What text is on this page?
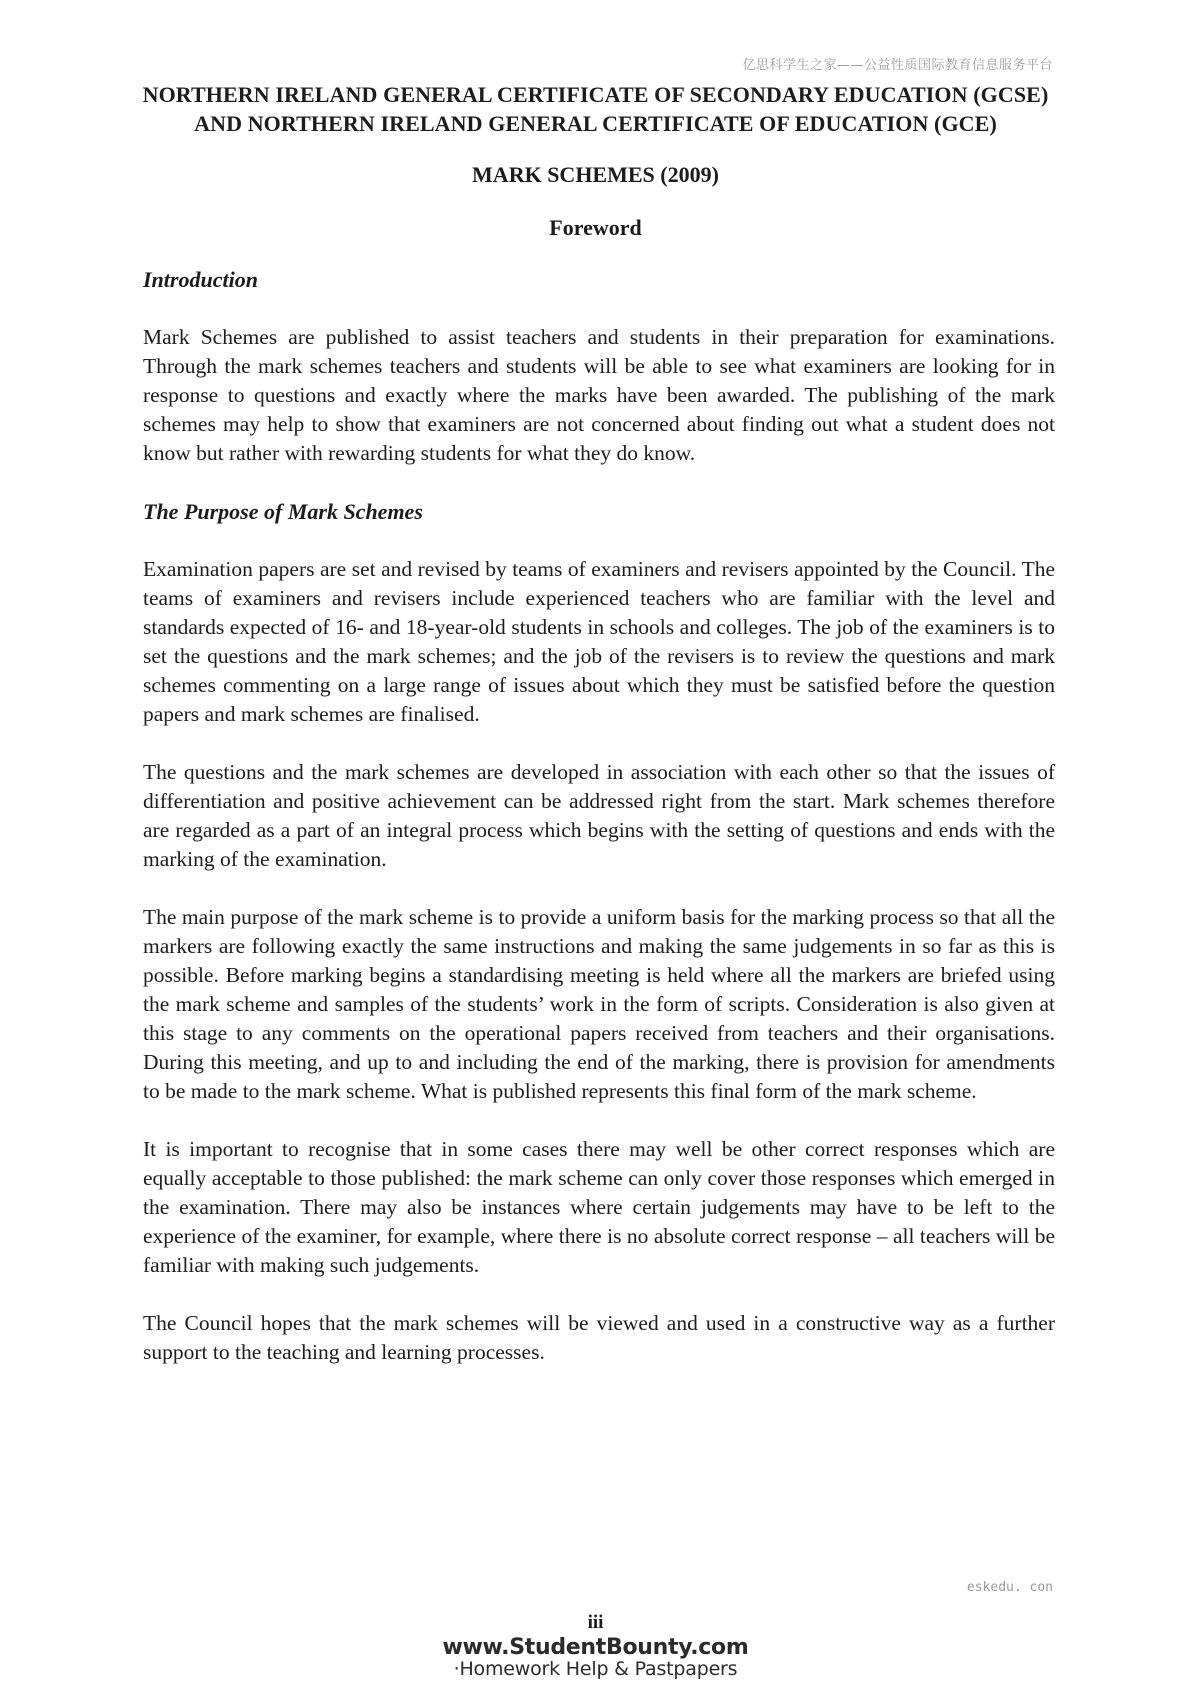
亿思科学生之家——公益性质国际教育信息服务平台

NORTHERN IRELAND GENERAL CERTIFICATE OF SECONDARY EDUCATION (GCSE)
AND NORTHERN IRELAND GENERAL CERTIFICATE OF EDUCATION (GCE)

MARK SCHEMES (2009)

Foreword

Introduction

Mark Schemes are published to assist teachers and students in their preparation for examinations. Through the mark schemes teachers and students will be able to see what examiners are looking for in response to questions and exactly where the marks have been awarded. The publishing of the mark schemes may help to show that examiners are not concerned about finding out what a student does not know but rather with rewarding students for what they do know.

The Purpose of Mark Schemes

Examination papers are set and revised by teams of examiners and revisers appointed by the Council. The teams of examiners and revisers include experienced teachers who are familiar with the level and standards expected of 16- and 18-year-old students in schools and colleges. The job of the examiners is to set the questions and the mark schemes; and the job of the revisers is to review the questions and mark schemes commenting on a large range of issues about which they must be satisfied before the question papers and mark schemes are finalised.

The questions and the mark schemes are developed in association with each other so that the issues of differentiation and positive achievement can be addressed right from the start. Mark schemes therefore are regarded as a part of an integral process which begins with the setting of questions and ends with the marking of the examination.

The main purpose of the mark scheme is to provide a uniform basis for the marking process so that all the markers are following exactly the same instructions and making the same judgements in so far as this is possible. Before marking begins a standardising meeting is held where all the markers are briefed using the mark scheme and samples of the students’ work in the form of scripts. Consideration is also given at this stage to any comments on the operational papers received from teachers and their organisations. During this meeting, and up to and including the end of the marking, there is provision for amendments to be made to the mark scheme. What is published represents this final form of the mark scheme.

It is important to recognise that in some cases there may well be other correct responses which are equally acceptable to those published: the mark scheme can only cover those responses which emerged in the examination. There may also be instances where certain judgements may have to be left to the experience of the examiner, for example, where there is no absolute correct response – all teachers will be familiar with making such judgements.

The Council hopes that the mark schemes will be viewed and used in a constructive way as a further support to the teaching and learning processes.

eskedu. con
iii
www.StudentBounty.com
·Homework Help & Pastpapers
